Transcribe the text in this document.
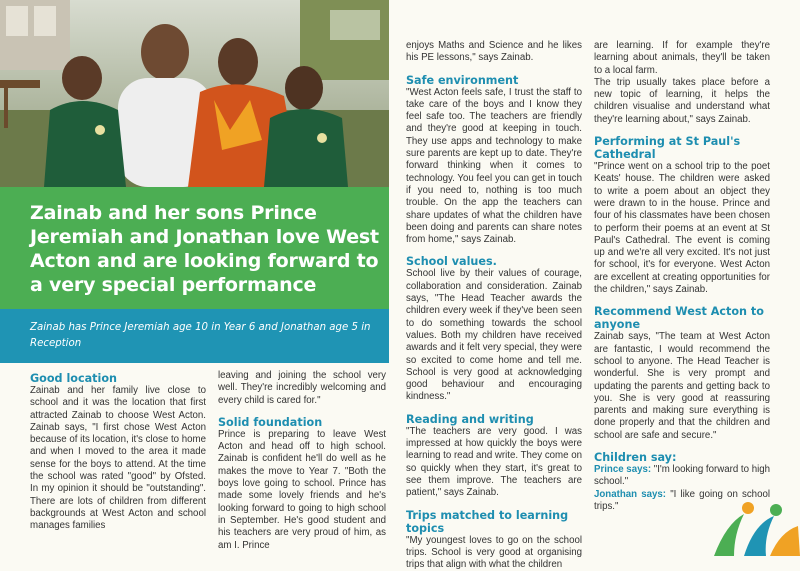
Zainab and her sons Prince Jeremiah and Jonathan love West Acton and are looking forward to a very special performance

Zainab has Prince Jeremiah age 10 in Year 6 and Jonathan age 5 in Reception

Good location

Zainab and her family live close to school and it was the location that first attracted Zainab to choose West Acton. Zainab says, "I first chose West Acton because of its location, it's close to home and when I moved to the area it made sense for the boys to attend. At the time the school was rated "good" by Ofsted. In my opinion it should be "outstanding". There are lots of children from different backgrounds at West Acton and school manages families

leaving and joining the school very well. They're incredibly welcoming and every child is cared for."

Solid foundation

Prince is preparing to leave West Acton and head off to high school. Zainab is confident he'll do well as he makes the move to Year 7. "Both the boys love going to school. Prince has made some lovely friends and he's looking forward to going to high school in September. He's good student and his teachers are very proud of him, as am I. Prince

enjoys Maths and Science and he likes his PE lessons," says Zainab.

Safe environment

"West Acton feels safe, I trust the staff to take care of the boys and I know they feel safe too. The teachers are friendly and they're good at keeping in touch. They use apps and technology to make sure parents are kept up to date. They're forward thinking when it comes to technology. You feel you can get in touch if you need to, nothing is too much trouble. On the app the teachers can share updates of what the children have been doing and parents can share notes from home," says Zainab.

School values.

School live by their values of courage, collaboration and consideration. Zainab says, "The Head Teacher awards the children every week if they've been seen to do something towards the school values. Both my children have received awards and it felt very special, they were so excited to come home and tell me. School is very good at acknowledging good behaviour and encouraging kindness."

Reading and writing

"The teachers are very good. I was impressed at how quickly the boys were learning to read and write. They come on so quickly when they start, it's great to see them improve. The teachers are patient," says Zainab.

Trips matched to learning topics

"My youngest loves to go on the school trips. School is very good at organising trips that align with what the children

are learning. If for example they're learning about animals, they'll be taken to a local farm.

The trip usually takes place before a new topic of learning, it helps the children visualise and understand what they're learning about," says Zainab.

Performing at St Paul's Cathedral

"Prince went on a school trip to the poet Keats' house. The children were asked to write a poem about an object they were drawn to in the house. Prince and four of his classmates have been chosen to perform their poems at an event at St Paul's Cathedral. The event is coming up and we're all very excited. It's not just for school, it's for everyone. West Acton are excellent at creating opportunities for the children," says Zainab.

Recommend West Acton to anyone

Zainab says, "The team at West Acton are fantastic, I would recommend the school to anyone. The Head Teacher is wonderful. She is very prompt and updating the parents and getting back to you. She is very good at reassuring parents and making sure everything is done properly and that the children and school are safe and secure."

Children say:

Prince says: "I'm looking forward to high school."

Jonathan says: "I like going on school trips."
